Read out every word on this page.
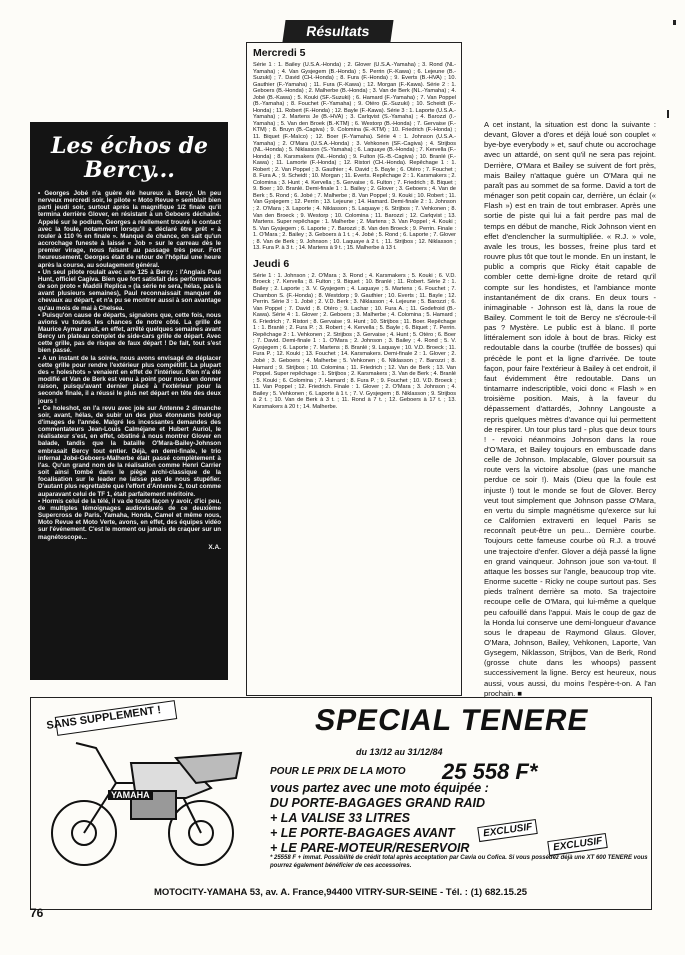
Les échos de Bercy...

• Georges Jobé n'a guère été heureux à Bercy. Un peu nerveux mercredi soir, le pilote « Moto Revue » semblait bien parti jeudi soir, surtout après la magnifique 1/2 finale qu'il termina derrière Glover, en résistant à un Geboers déchaîné. Appelé sur le podium, Georges a réellement trouvé le contact avec la foule, notamment lorsqu'il a déclaré être prêt « à rouler à 110 % en finale ». Manque de chance, on sait qu'un accrochage funeste à laissé « Job » sur le carreau dès le premier virage, nous faisant au passage très peur. Fort heureusement, Georges était de retour de l'hôpital une heure après la course, au soulagement général.

• Un seul pilote roulait avec une 125 à Bercy : l'Anglais Paul Hunt, officiel Cagiva. Bien que fort satisfait des performances de son proto « Maddii Replica » (la série ne sera, hélas, pas là avant plusieurs semaines), Paul reconnaissait manquer de chevaux au départ, et n'a pu se montrer aussi à son avantage qu'au mois de mai à Chelsea.

• Puisqu'on cause de départs, signalons que, cette fois, nous avions vu toutes les chances de notre côté. La grille de Maurice Aymar avait, en effet, arrêté quelques semaines avant Bercy un plateau complet de side-cars grille de départ. Avec cette grille, pas de risque de faux départ ! De fait, tout s'est bien passé.

• A un instant de la soirée, nous avons envisagé de déplacer cette grille pour rendre l'extérieur plus compétitif. La plupart des « holeshots » venaient en effet de l'intérieur. Rien n'a été modifié et Van de Berk est venu à point pour nous en donner raison, puisqu'avant dernier placé à l'extérieur pour la seconde finale, il a réussi le plus net départ en tête des deux jours !

• Ce holeshot, on l'a revu avec joie sur Antenne 2 dimanche soir, avant, hélas, de subir un des plus étonnants hold-up d'images de l'année. Malgré les incessantes demandes des commentateurs Jean-Louis Calméjane et Hubert Auriol, le réalisateur s'est, en effet, obstiné à nous montrer Glover en balade, tandis que la bataille O'Mara-Bailey-Johnson embrasait Bercy tout entier. Déjà, en demi-finale, le trio infernal Jobé-Geboers-Malherbe était passé complètement à l'as. Qu'un grand nom de la réalisation comme Henri Carrier soit ainsi tombé dans le piège archi-classique de la focalisation sur le leader ne laisse pas de nous stupéfier. D'autant plus regrettable que l'effort d'Antenne 2, tout comme auparavant celui de TF 1, était parfaitement méritoire.

• Hormis celui de la télé, il va de toute façon y avoir, d'ici peu, de multiples témoignages audiovisuels de ce deuxième Supercross de Paris. Yamaha, Honda, Camel et même nous, Moto Revue et Moto Verte, avons, en effet, des équipes vidéo sur l'événement. C'est le moment ou jamais de craquer sur un magnétoscope...

X.A.
Résultats
Mercredi 5
Série 1 : 1. Bailey (U.S.A.-Honda) ; 2. Glover (U.S.A.-Yamaha) ; 3. Rond (NL-Yamaha) ; 4. Van Gysjegem (B.-Honda) ; 5. Perrin (F.-Kawa) ; 6. Lejeune (B.-Suzuki) ; 7. David (CH.-Honda) ; 8. Fura (F.-Honda) ; 9. Everts (B.-HVA) ; 10. Gauthier (F.-Yamaha) ; 11. Fura (F.-Kawa) ; 12. Morgan (F.-Kawa). Série 2 : 1. Geboers (B.-Honda) ; 2. Malherbe (B.-Honda) ; 3. Van de Berk (NL.-Yamaha) ; 4. Jobé (B.-Kawa) ; 5. Kouki (SF.-Suzuki) ; 6. Hamard (F.-Yamaha) ; 7. Van Poppel (B.-Yamaha) ; 8. Fouchet (F.-Yamaha) ; 9. Otéro (E.-Suzuki) ; 10. Scheidt (F.-Honda) ; 11. Robert (F.-Honda) ; 12. Bayle (F.-Kawa). Série 3 : 1. Laporte (U.S.A.-Yamaha) ; 2. Martens Je (B.-HVA) ; 3. Carlqvist (S.-Yamaha) ; 4. Barozzi (I.-Yamaha) ; 5. Van den Broek (B.-KTM) ; 6. Westorp (B.-Honda) ; 7. Gervaise (F.-KTM) ; 8. Bruyn (B.-Cagiva) ; 9. Colomina (E.-KTM) ; 10. Friedrich (F.-Honda) ; 11. Biquet (F.-Maïco) ; 12. Boer (F.-Yamaha). Série 4 : 1. Johnson (U.S.A.-Yamaha) ; 2. O'Mara (U.S.A.-Honda) ; 3. Vehkonen (SF.-Cagiva) ; 4. Strijbos (NL.-Honda) ; 5. Niklasson (S.-Yamaha) ; 6. Laquaye (B.-Honda) ; 7. Kervella (F.-Honda) ; 8. Karsmakers (NL.-Honda) ; 9. Fulton (G.-B.-Cagiva) ; 10. Branlé (F.-Kawa) ; 11. Lamorte (F.-Honda) ; 12. Ristori (CH.-Honda). Repêchage 1 : 1. Robert ; 2. Van Poppel ; 3. Gauthier ; 4. David ; 5. Bayle ; 6. Otéro ; 7. Fouchet ; 8. Fura A. ; 9. Scheidt ; 10. Morgan ; 11. Everts. Repêchage 2 : 1. Karsmakers ; 2. Colomina ; 3. Hunt ; 4. Kervella ; 5. Gervaise ; 6. Fulton ; 7. Friedrich ; 8. Biquet ; 9. Boer ; 10. Branlé. Demi-finale 1 : 1. Bailey ; 2. Glover ; 3. Geboers ; 4. Van de Berk ; 5. Rond ; 6. Jobé ; 7. Malherbe ; 8. Van Poppel ; 9. Kouki ; 10. Robert ; 11. Van Gysjegem ; 12. Perrin ; 13. Lejeune ; 14. Hamard. Demi-finale 2 : 1. Johnson ; 2. O'Mara ; 3. Laporte ; 4. Niklasson ; 5. Laquaye ; 6. Strijbos ; 7. Vehkonen ; 8. Van den Broeck ; 9. Westorp ; 10. Colomina ; 11. Barozzi ; 12. Carlqvist ; 13. Martens. Super repêchage : 1. Malherbe ; 2. Martens ; 3. Van Poppel ; 4. Kouki ; 5. Van Gysjegem ; 6. Laporte ; 7. Barozzi ; 8. Van den Broeck ; 9. Perrin. Finale : 1. O'Mara ; 2. Bailey ; 3. Geboers à 1 t. ; 4. Jobé ; 5. Rond ; 6. Laporte ; 7. Glover ; 8. Van de Berk ; 9. Johnson ; 10. Laquaye à 2 t. ; 11. Strijbos ; 12. Niklasson ; 13. Fura P. à 3 t. ; 14. Martens à 9 t. ; 15. Malherbe à 13 t.
Jeudi 6
Série 1 : 1. Johnson ; 2. O'Mara ; 3. Rond ; 4. Karsmakers ; 5. Kouki ; 6. V.D. Broeck ; 7. Kervella ; 8. Fulton ; 9. Biquet ; 10. Branlé ; 11. Robert. Série 2 : 1. Bailey ; 2. Laporte ; 3. V. Gysjegem ; 4. Laquaye ; 5. Martens ; 6. Fouchet ; 7. Chambon S. (F.-Honda) ; 8. Westdorp ; 9. Gauthier ; 10. Everts ; 11. Bayle ; 12. Perrin. Série 3 : 1. Jobé ; 2. V.D. Berk ; 3. Niklasson ; 4. Lejeune ; 5. Barozzi ; 6. Van Poppel ; 7. David ; 8. Otéro ; 9. Lachar ; 10. Fura A. ; 11. Godefroid (B.-Kawa). Série 4 : 1. Glover ; 2. Geboers ; 3. Malherbe ; 4. Colomina ; 5. Hamard ; 6. Friedrich ; 7. Ristori ; 8. Gervaise ; 9. Hunt ; 10. Strijbos ; 11. Boer. Repêchage 1 : 1. Branlé ; 2. Fura P. ; 3. Robert ; 4. Kervella ; 5. Bayle ; 6. Biquet ; 7. Perrin. Repêchage 2 : 1. Vehkonen ; 2. Strijbos ; 3. Gervaise ; 4. Hunt ; 5. Otéro ; 6. Boer ; 7. David. Demi-finale 1 : 1. O'Mara ; 2. Johnson ; 3. Bailey ; 4. Rond ; 5. V. Gysjegem ; 6. Laporte ; 7. Martens ; 8. Branlé ; 9. Laquaye ; 10. V.D. Broeck ; 11. Fura P. ; 12. Kouki ; 13. Fouchet ; 14. Karsmakers. Demi-finale 2 : 1. Glover ; 2. Jobé ; 3. Geboers ; 4. Malherbe ; 5. Vehkonen ; 6. Niklasson ; 7. Barozzi ; 8. Hamard ; 9. Strijbos ; 10. Colomina ; 11. Friedrich ; 12. Van de Berk ; 13. Van Poppel. Super repêchage : 1. Strijbos ; 2. Karsmakers ; 3. Van de Berk ; 4. Branlé ; 5. Kouki ; 6. Colomina ; 7. Hamard ; 8. Fura P. ; 9. Fouchet ; 10. V.D. Broeck ; 11. Van Poppel ; 12. Friedrich. Finale : 1. Glover ; 2. O'Mara ; 3. Johnson ; 4. Bailey ; 5. Vehkonen ; 6. Laporte à 1 t. ; 7. V. Gysjegem ; 8. Niklasson ; 9. Strijbos à 2 t. ; 10. Van de Berk à 3 t. ; 11. Rond à 7 t. ; 12. Geboers à 17 t. ; 13. Karsmakers à 20 t ; 14. Malherbe.
A cet instant, la situation est donc la suivante : devant, Glover a d'ores et déjà loué son couplet « bye-bye everybody » et, sauf chute ou accrochage avec un attardé, on sent qu'il ne sera pas rejoint. Derrière, O'Mara et Bailey se suivent de fort près, mais Bailey n'attaque guère un O'Mara qui ne paraît pas au sommet de sa forme. David a tort de ménager son petit copain car, derrière, un éclair (« Flash ») est en train de tout embraser. Après une sortie de piste qui lui a fait perdre pas mal de temps en début de manche, Rick Johnson vient en effet d'enclencher la surmultipliée. « R.J. » vole, avale les trous, les bosses, freine plus tard et rouvre plus tôt que tout le monde. En un instant, le public a compris que Ricky était capable de combler cette demi-ligne droite de retard qu'il compte sur les hondistes, et l'ambiance monte instantanément de dix crans. En deux tours - inimaginable - Johnson est là, dans la roue de Bailey. Comment le toit de Bercy ne s'écroule-t-il pas ? Mystère. Le public est à blanc. Il porte littéralement son idole à bout de bras. Ricky est redoutable dans la courbe (truffée de bosses) qui précède le pont et la ligne d'arrivée. De toute façon, pour faire l'extérieur à Bailey à cet endroit, il faut évidemment être redoutable. Dans un tintamarre indescriptible, voici donc « Flash » en troisième position. Mais, à la faveur du dépassement d'attardés, Johnny Langouste a repris quelques mètres d'avance qui lui permettent de respirer. Un tour plus tard - plus que deux tours ! - revoici néanmoins Johnson dans la roue d'O'Mara, et Bailey toujours en embuscade dans celle de Johnson. Implacable, Glover poursuit sa route vers la victoire absolue (pas une manche perdue ce soir !). Mais (Dieu que la foule est injuste !) tout le monde se fout de Glover. Bercy veut tout simplement que Johnson passe O'Mara, en vertu du simple magnétisme qu'exerce sur lui ce Californien extraverti en lequel Paris se reconnaît peut-être un peu... Dernière courbe. Toujours cette fameuse courbe où R.J. a trouvé une trajectoire d'enfer. Glover a déjà passé la ligne en grand vainqueur. Johnson joue son va-tout. Il attaque les bosses sur l'angle, beaucoup trop vite. Enorme sucette - Ricky ne coupe surtout pas. Ses pieds traînent derrière sa moto. Sa trajectoire recoupe celle de O'Mara, qui lui-même a quelque peu cafouillé dans l'appui. Mais le coup de gaz de la Honda lui conserve une demi-longueur d'avance sous le drapeau de Raymond Glaus. Glover, O'Mara, Johnson, Bailey, Vehkonen, Laporte, Van Gysegem, Niklasson, Strijbos, Van de Berk, Rond (grosse chute dans les whoops) passent successivement la ligne. Bercy est heureux, nous aussi, vous aussi, du moins l'espère-t-on. A l'an prochain. ■
SANS SUPPLEMENT !
YAMAHA
SPECIAL TENERE
du 13/12 au 31/12/84
POUR LE PRIX DE LA MOTO 25 558 F*
vous partez avec une moto équipée :
DU PORTE-BAGAGES GRAND RAID
+ LA VALISE 33 LITRES
+ LE PORTE-BAGAGES AVANT
+ LE PARE-MOTEUR/RESERVOIR
EXCLUSIF
EXCLUSIF
* 25558 F + immat. Possibilité de crédit total après acceptation par Cavia ou Cofica. Si vous possédez déjà une XT 600 TENERE vous pourrez également bénéficier de ces accessoires.
MOTOCITY-YAMAHA 53, av. A. France,94400 VITRY-SUR-SEINE - Tél. : (1) 682.15.25
76
